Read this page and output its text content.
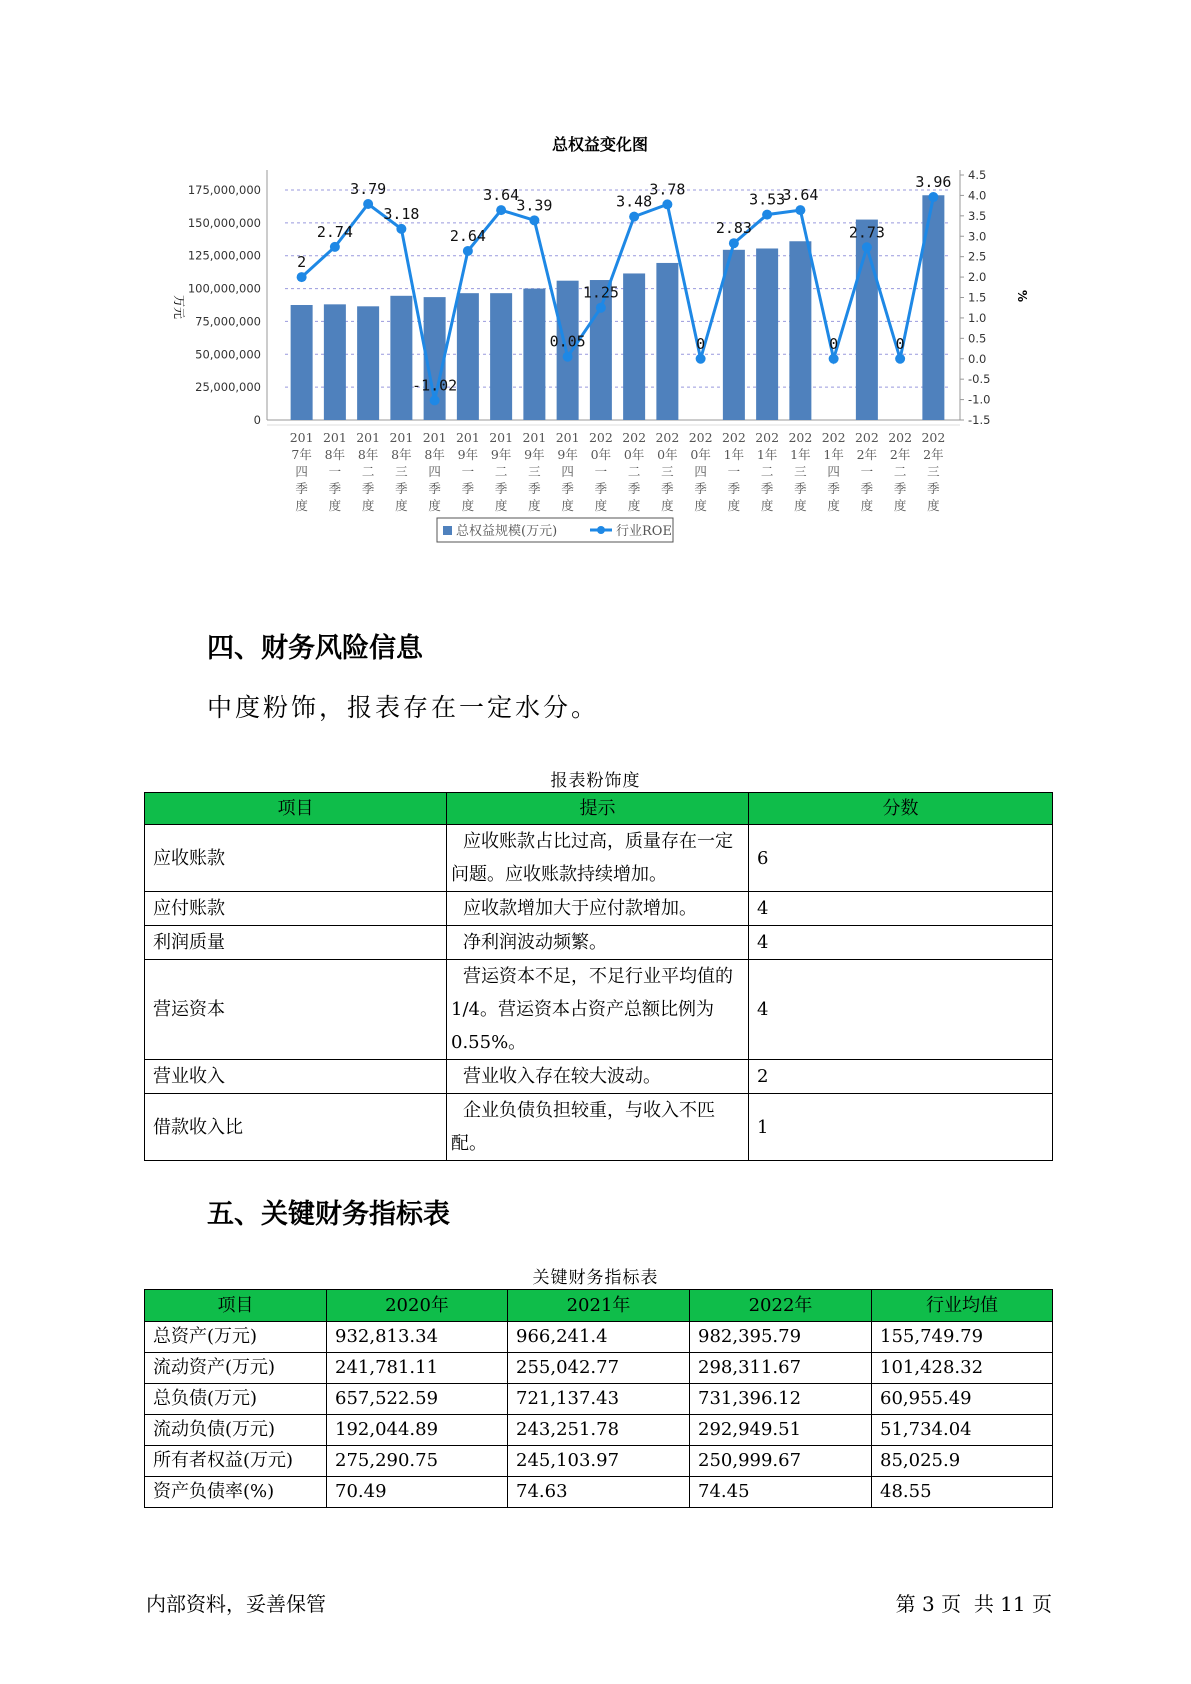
总权益变化图
175,000,000
150,000,000
125,000,000
100,000,000
75,000,000
50,000,000
25,000,000
0
4.5
4.0
3.5
3.0
2.5
2.0
1.5
1.0
0.5
0.0
-0.5
-1.0
-1.5
万元	%
201
7年
四
季
度
201
8年
一
季
度
201
8年
二
季
度
201
8年
三
季
度
201
8年
四
季
度
201
9年
一
季
度
201
9年
二
季
度
201
9年
三
季
度
201
9年
四
季
度
202
0年
一
季
度
202
0年
二
季
度
202
0年
三
季
度
202
0年
四
季
度
202
1年
一
季
度
202
1年
二
季
度
202
1年
三
季
度
202
1年
四
季
度
202
2年
一
季
度
202
2年
二
季
度
202
2年
三
季
度
2
2.74
3.79
3.18
-1.02
2.64
3.64
3.39
0.05
1.25
3.48
3.78
0
2.83
3.53
3.64
0
2.73
0
3.96
总权益规模(万元)	行业ROE
四、财务风险信息
中度粉饰，报表存在一定水分。
报表粉饰度
项目	提示	分数
应收账款	应收账款占比过高，质量存在一定问题。应收账款持续增加。	6
应付账款	应收款增加大于应付款增加。	4
利润质量	净利润波动频繁。	4
营运资本	营运资本不足，不足行业平均值的1/4。营运资本占资产总额比例为0.55%。	4
营业收入	营业收入存在较大波动。	2
借款收入比	企业负债负担较重，与收入不匹配。	1
五、关键财务指标表
关键财务指标表
项目	2020年	2021年	2022年	行业均值
总资产(万元)	932,813.34	966,241.4	982,395.79	155,749.79
流动资产(万元)	241,781.11	255,042.77	298,311.67	101,428.32
总负债(万元)	657,522.59	721,137.43	731,396.12	60,955.49
流动负债(万元)	192,044.89	243,251.78	292,949.51	51,734.04
所有者权益(万元)	275,290.75	245,103.97	250,999.67	85,025.9
资产负债率(%)	70.49	74.63	74.45	48.55
内部资料，妥善保管	第 3 页  共 11 页
